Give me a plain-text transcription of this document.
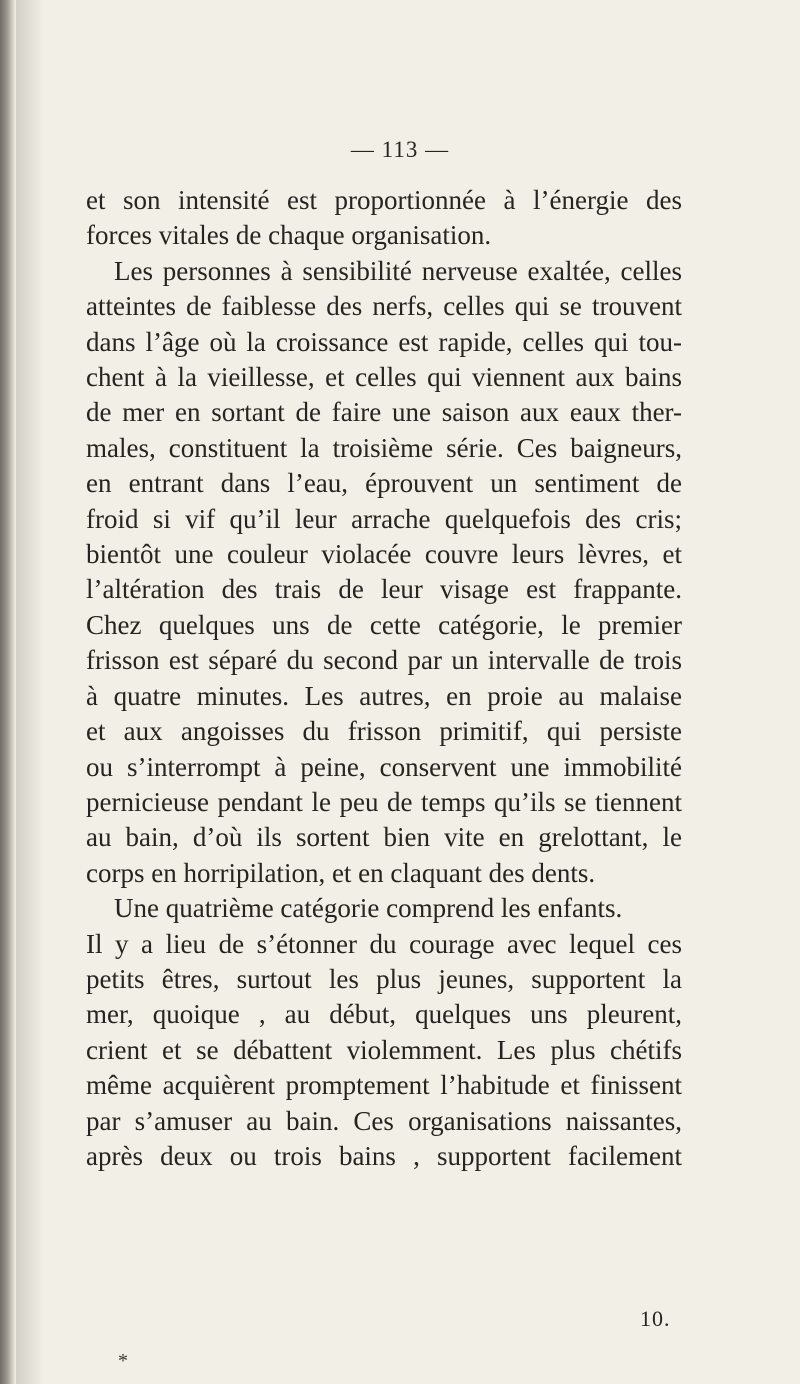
— 113 —
et son intensité est proportionnée à l’énergie des
forces vitales de chaque organisation.
Les personnes à sensibilité nerveuse exaltée, celles
atteintes de faiblesse des nerfs, celles qui se trouvent
dans l’âge où la croissance est rapide, celles qui tou-
chent à la vieillesse, et celles qui viennent aux bains
de mer en sortant de faire une saison aux eaux ther-
males, constituent la troisième série. Ces baigneurs,
en entrant dans l’eau, éprouvent un sentiment de
froid si vif qu’il leur arrache quelquefois des cris;
bientôt une couleur violacée couvre leurs lèvres, et
l’altération des trais de leur visage est frappante.
Chez quelques uns de cette catégorie, le premier
frisson est séparé du second par un intervalle de trois
à quatre minutes. Les autres, en proie au malaise
et aux angoisses du frisson primitif, qui persiste
ou s’interrompt à peine, conservent une immobilité
pernicieuse pendant le peu de temps qu’ils se tiennent
au bain, d’où ils sortent bien vite en grelottant, le
corps en horripilation, et en claquant des dents.
Une quatrième catégorie comprend les enfants.
Il y a lieu de s’étonner du courage avec lequel ces
petits êtres, surtout les plus jeunes, supportent la
mer, quoique , au début, quelques uns pleurent,
crient et se débattent violemment. Les plus chétifs
même acquièrent promptement l’habitude et finissent
par s’amuser au bain. Ces organisations naissantes,
après deux ou trois bains , supportent facilement
10.
*
